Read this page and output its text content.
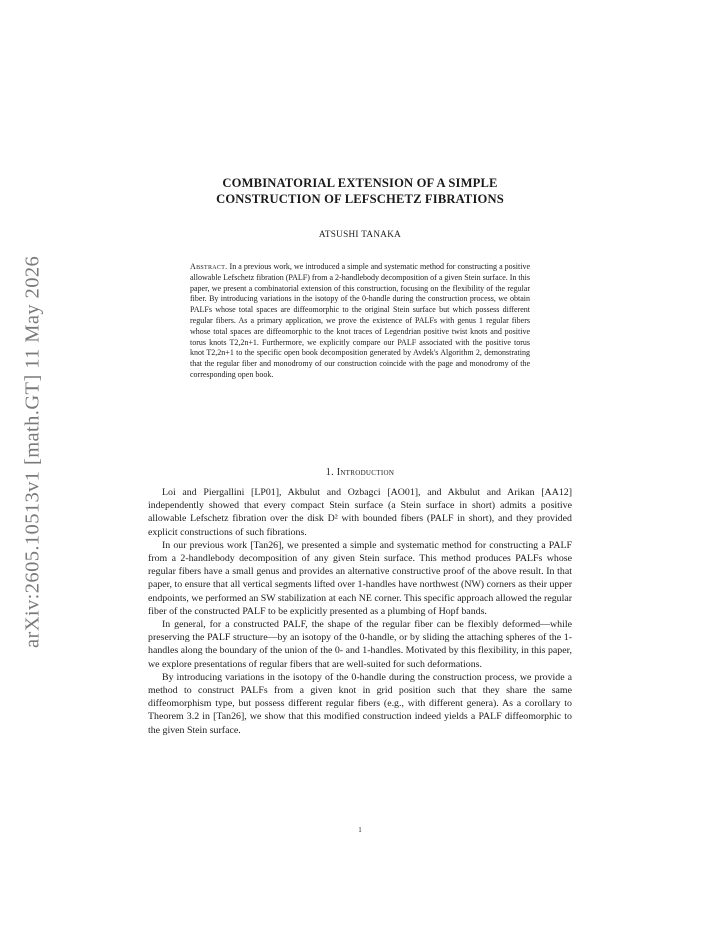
arXiv:2605.10513v1 [math.GT] 11 May 2026
COMBINATORIAL EXTENSION OF A SIMPLE
CONSTRUCTION OF LEFSCHETZ FIBRATIONS
ATSUSHI TANAKA

Abstract. In a previous work, we introduced a simple and systematic method for constructing a positive allowable Lefschetz fibration (PALF) from a 2-handlebody decomposition of a given Stein surface. In this paper, we present a combinatorial extension of this construction, focusing on the flexibility of the regular fiber. By introducing variations in the isotopy of the 0-handle during the construction process, we obtain PALFs whose total spaces are diffeomorphic to the original Stein surface but which possess different regular fibers. As a primary application, we prove the existence of PALFs with genus 1 regular fibers whose total spaces are diffeomorphic to the knot traces of Legendrian positive twist knots and positive torus knots T2,2n+1. Furthermore, we explicitly compare our PALF associated with the positive torus knot T2,2n+1 to the specific open book decomposition generated by Avdek's Algorithm 2, demonstrating that the regular fiber and monodromy of our construction coincide with the page and monodromy of the corresponding open book.

1. Introduction

Loi and Piergallini [LP01], Akbulut and Ozbagci [AO01], and Akbulut and Arikan [AA12] independently showed that every compact Stein surface (a Stein surface in short) admits a positive allowable Lefschetz fibration over the disk D² with bounded fibers (PALF in short), and they provided explicit constructions of such fibrations.

In our previous work [Tan26], we presented a simple and systematic method for constructing a PALF from a 2-handlebody decomposition of any given Stein surface. This method produces PALFs whose regular fibers have a small genus and provides an alternative constructive proof of the above result. In that paper, to ensure that all vertical segments lifted over 1-handles have northwest (NW) corners as their upper endpoints, we performed an SW stabilization at each NE corner. This specific approach allowed the regular fiber of the constructed PALF to be explicitly presented as a plumbing of Hopf bands.

In general, for a constructed PALF, the shape of the regular fiber can be flexibly deformed—while preserving the PALF structure—by an isotopy of the 0-handle, or by sliding the attaching spheres of the 1-handles along the boundary of the union of the 0- and 1-handles. Motivated by this flexibility, in this paper, we explore presentations of regular fibers that are well-suited for such deformations.

By introducing variations in the isotopy of the 0-handle during the construction process, we provide a method to construct PALFs from a given knot in grid position such that they share the same diffeomorphism type, but possess different regular fibers (e.g., with different genera). As a corollary to Theorem 3.2 in [Tan26], we show that this modified construction indeed yields a PALF diffeomorphic to the given Stein surface.

1
